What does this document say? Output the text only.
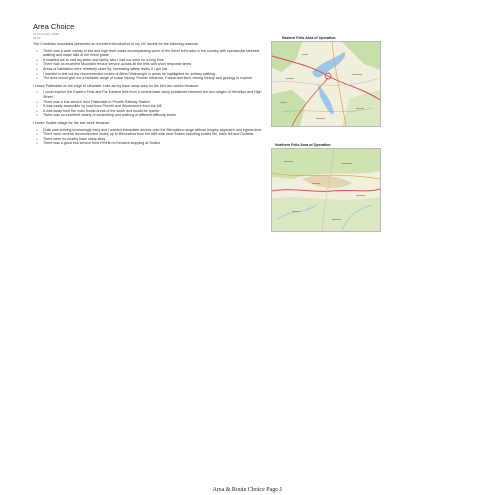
Area Choice
12 November 2008
00:53

The Cumbrian mountains presented an excellent introduction to my UK travels for the following reasons:

o There was a wide variety of low and high level walks encompassing some of the finest fell tracks in the country with spectacular lakeside walking and water falls of the finest grade
o It enabled me to visit my sister and family who I had not seen for a long time
o There was an excellent Mountain rescue service across all the fells with short response times
o Areas of habitation were relatively close by, increasing safety levels if I got lost
o I wanted to test out the recommended routes of Alfred Wainwright in areas he highlighted for solitary walking.
o The area would give me a fantastic range of social history, Roman influence, Fauna and flora, mining history and geology to explore

I chose Patterdale on the edge of Ullswater Lake as my base camp area for the first two weeks because:

o I could explore the Eastern Fells and Far Eastern fells from a central base camp positioned between the two ranges of Helvellyn and High Street.
o There was a bus service from Patterdale to Penrith Railway Station
o It was easily accessible by road from Penrith and Windermere from the M6
o It was away from the main tourist areas of the south and would be quieter
o There was an excellent variety of scrambling and walking of different difficulty levels

I chose Scales village for the last week because:

o Dusk was arriving increasingly early and I wanted immediate access onto the Blencathra range without lengthy approach and egress time.
o There were several recommended routes up to Blencathra from the A66 side near Scales including scales fell, Halls fell and Doddick.
o There were no nearby base camp sites
o There was a good bus service from Penrith to Keswick stopping at Scales.
Eastern Fells Area of Operation
Northern Fells Area of Operation
Area & Route Choice Page 1
